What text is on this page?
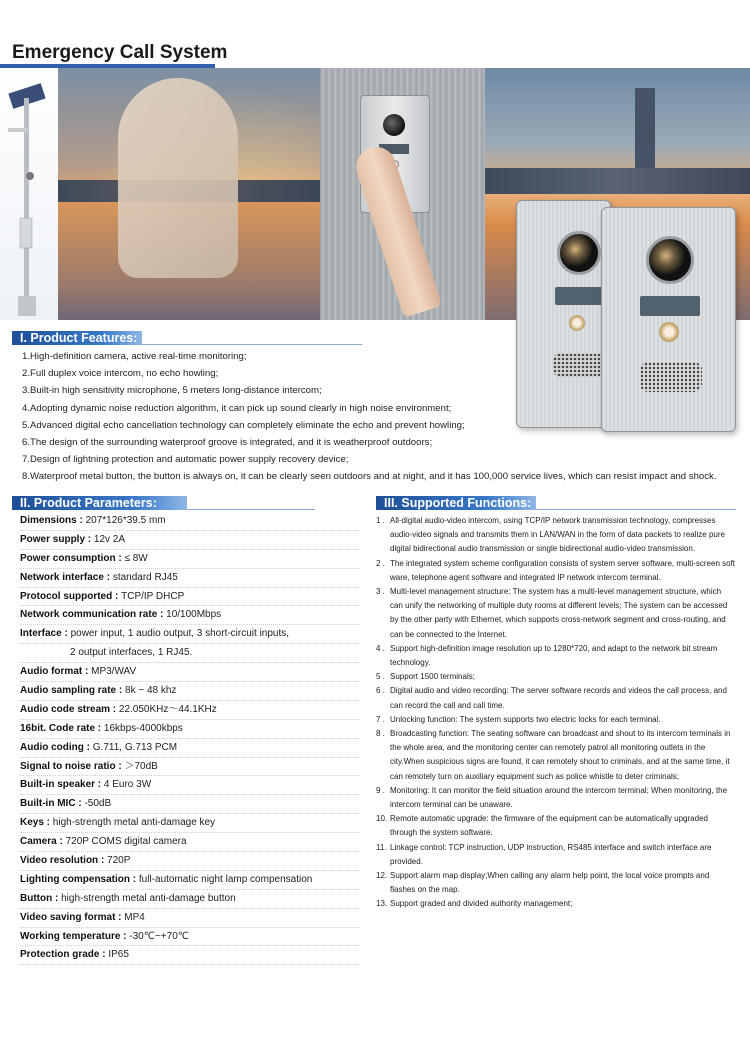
Emergency Call System
I. Product Features:
1.High-definition camera, active real-time monitoring;
2.Full duplex voice intercom, no echo howling;
3.Built-in high sensitivity microphone, 5 meters long-distance intercom;
4.Adopting dynamic noise reduction algorithm, it can pick up sound clearly in high noise environment;
5.Advanced digital echo cancellation technology can completely eliminate the echo and prevent howling;
6.The design of the surrounding waterproof groove is integrated, and it is weatherproof outdoors;
7.Design of lightning protection and automatic power supply recovery device;
8.Waterproof metal button, the button is always on, it can be clearly seen outdoors and at night, and it has 100,000 service lives, which can resist impact and shock.
II. Product Parameters:
Dimensions : 207*126*39.5 mm
Power supply : 12v 2A
Power consumption : ≤ 8W
Network interface : standard RJ45
Protocol supported : TCP/IP DHCP
Network communication rate : 10/100Mbps
Interface : power input, 1 audio output, 3 short-circuit inputs,
2 output interfaces, 1 RJ45.
Audio format : MP3/WAV
Audio sampling rate : 8k ~ 48 khz
Audio code stream : 22.050KHz～44.1KHz
16bit. Code rate : 16kbps-4000kbps
Audio coding : G.711, G.713 PCM
Signal to noise ratio : ＞70dB
Built-in speaker : 4 Euro 3W
Built-in MIC : -50dB
Keys : high-strength metal anti-damage key
Camera : 720P COMS digital camera
Video resolution : 720P
Lighting compensation : full-automatic night lamp compensation
Button : high-strength metal anti-damage button
Video saving format : MP4
Working temperature : -30℃~+70℃
Protection grade : IP65
III. Supported Functions:
1 . All-digital audio-video intercom, using TCP/IP network transmission technology, compresses audio-video signals and transmits them in LAN/WAN in the form of data packets to realize pure digital bidirectional audio transmission or single bidirectional audio-video transmission.
2 . The integrated system scheme configuration consists of system server software, multi-screen soft ware, telephone agent software and integrated IP network intercom terminal.
3 . Multi-level management structure: The system has a multi-level management structure, which can unify the networking of multiple duty rooms at different levels; The system can be accessed by the other party with Ethernet, which supports cross-network segment and cross-routing, and can be connected to the Internet.
4 . Support high-definition image resolution up to 1280*720, and adapt to the network bit stream technology.
5 . Support 1500 terminals;
6 . Digital audio and video recording: The server software records and videos the call process, and can record the call and call time.
7 . Unlocking function: The system supports two electric locks for each terminal.
8 . Broadcasting function: The seating software can broadcast and shout to its intercom terminals in the whole area, and the monitoring center can remotely patrol all monitoring outlets in the city.When suspicious signs are found, it can remotely shout to criminals, and at the same time, it can remotely turn on auxiliary equipment such as police whistle to deter criminals;
9 . Monitoring: It can monitor the field situation around the intercom terminal; When monitoring, the intercom terminal can be unaware.
10. Remote automatic upgrade: the firmware of the equipment can be automatically upgraded through the system software.
11. Linkage control: TCP instruction, UDP instruction, RS485 interface and switch interface are provided.
12. Support alarm map display;When calling any alarm help point, the local voice prompts and flashes on the map.
13. Support graded and divided authority management;
